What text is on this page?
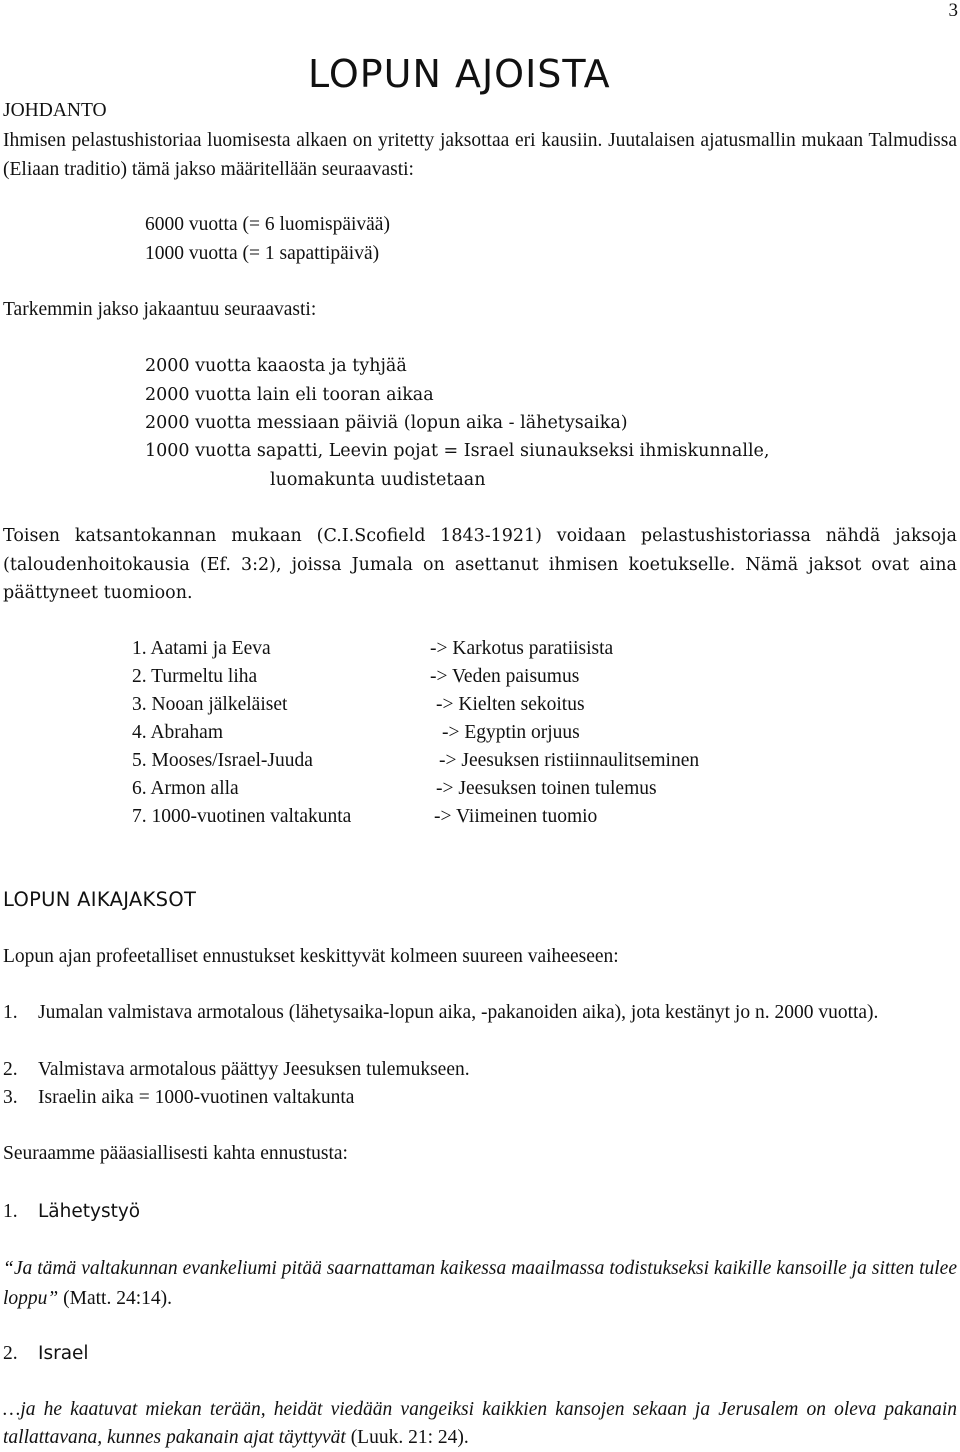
3
LOPUN AJOISTA
JOHDANTO
Ihmisen pelastushistoriaa luomisesta alkaen on yritetty jaksottaa eri kausiin. Juutalaisen ajatusmallin mukaan Talmudissa (Eliaan traditio) tämä jakso määritellään seuraavasti:
6000 vuotta (= 6 luomispäivää)
1000 vuotta (= 1 sapattipäivä)
Tarkemmin jakso jakaantuu seuraavasti:
2000 vuotta kaaosta ja tyhjää
2000 vuotta lain eli tooran aikaa
2000 vuotta messiaan päiviä (lopun aika - lähetysaika)
1000 vuotta sapatti, Leevin pojat = Israel siunaukseksi ihmiskunnalle,
luomakunta uudistetaan
Toisen katsantokannan mukaan (C.I.Scofield 1843-1921) voidaan pelastushistoriassa nähdä jaksoja (taloudenhoitokausia (Ef. 3:2), joissa Jumala on asettanut ihmisen koetukselle. Nämä jaksot ovat aina päättyneet tuomioon.
1. Aatami ja Eeva	-> Karkotus paratiisista
2. Turmeltu liha	-> Veden paisumus
3. Nooan jälkeläiset	-> Kielten sekoitus
4. Abraham	-> Egyptin orjuus
5. Mooses/Israel-Juuda	-> Jeesuksen ristiinnaulitseminen
6. Armon alla	-> Jeesuksen toinen tulemus
7. 1000-vuotinen valtakunta	-> Viimeinen tuomio
LOPUN AIKAJAKSOT
Lopun ajan profeetalliset ennustukset keskittyvät kolmeen suureen vaiheeseen:
1. Jumalan valmistava armotalous (lähetysaika-lopun aika, -pakanoiden aika), jota kestänyt jo n. 2000 vuotta).
2. Valmistava armotalous päättyy Jeesuksen tulemukseen.
3. Israelin aika = 1000-vuotinen valtakunta
Seuraamme pääasiallisesti kahta ennustusta:
1. Lähetystyö
“Ja tämä valtakunnan evankeliumi pitää saarnattaman kaikessa maailmassa todistukseksi kaikille kansoille ja sitten tulee loppu” (Matt. 24:14).
2. Israel
…ja he kaatuvat miekan terään, heidät viedään vangeiksi kaikkien kansojen sekaan ja Jerusalem on oleva pakanain tallattavana, kunnes pakanain ajat täyttyvät (Luuk. 21: 24).
